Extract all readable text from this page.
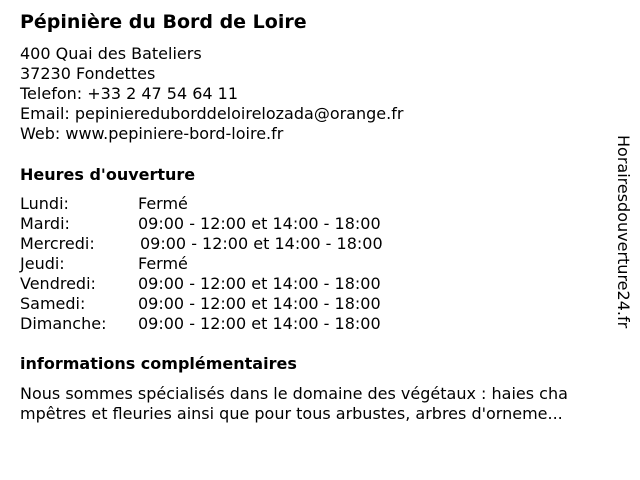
Pépinière du Bord de Loire
400 Quai des Bateliers
37230 Fondettes
Telefon: +33 2 47 54 64 11
Email: pepiniereduborddeloirelozada@orange.fr
Web: www.pepiniere-bord-loire.fr
Heures d'ouverture
Lundi:	Fermé
Mardi:	09:00 - 12:00 et 14:00 - 18:00
Mercredi:	09:00 - 12:00 et 14:00 - 18:00
Jeudi:	Fermé
Vendredi:	09:00 - 12:00 et 14:00 - 18:00
Samedi:	09:00 - 12:00 et 14:00 - 18:00
Dimanche: 09:00 - 12:00 et 14:00 - 18:00
informations complémentaires
Nous sommes spécialisés dans le domaine des végétaux : haies cha
mpêtres et fleuries ainsi que pour tous arbustes, arbres d'orneme...
Horairesdouverture24.fr
